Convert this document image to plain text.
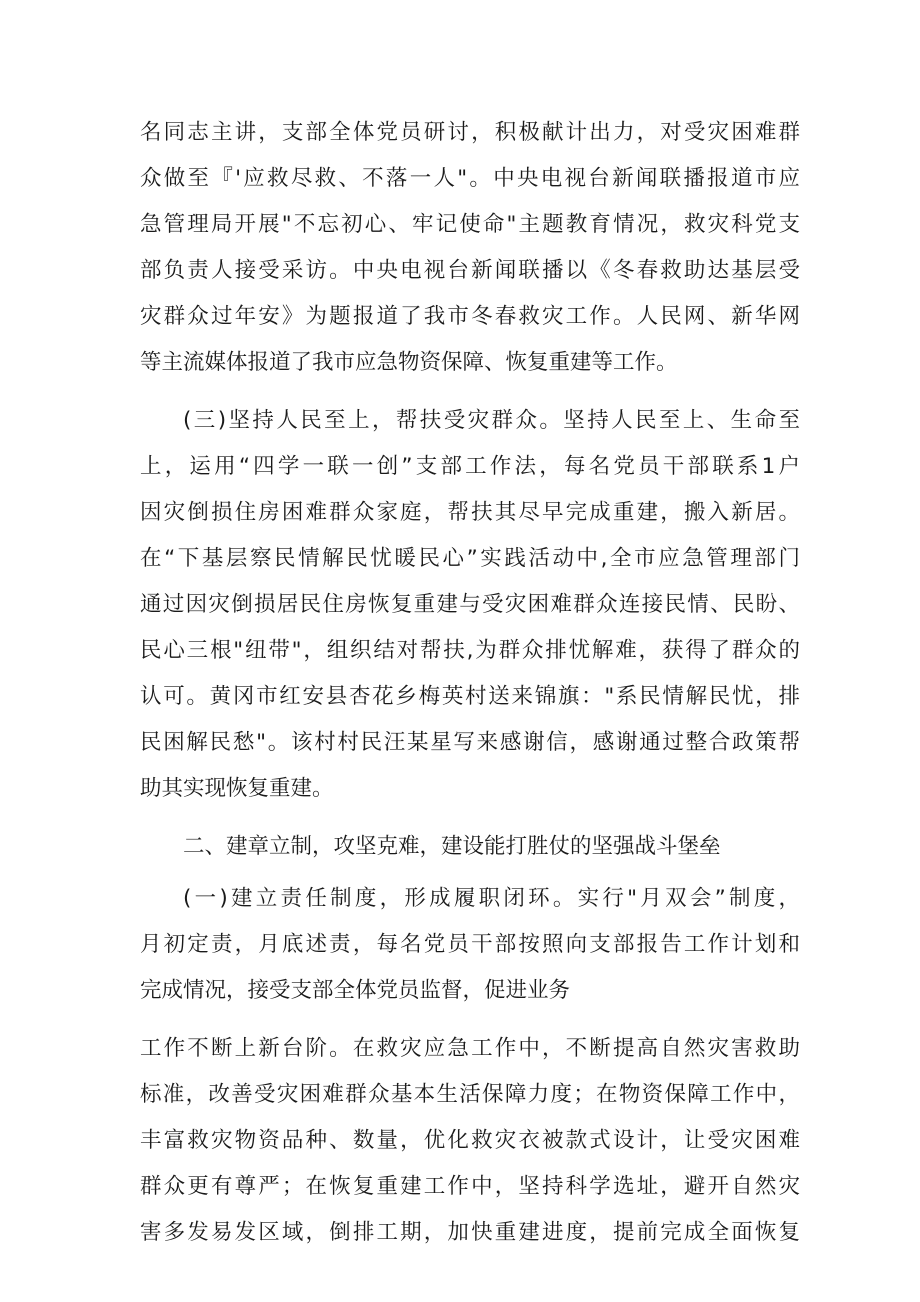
名同志主讲，支部全体党员研讨，积极献计出力，对受灾困难群
众做至『'应救尽救、不落一人"。中央电视台新闻联播报道市应
急管理局开展"不忘初心、牢记使命"主题教育情况，救灾科党支
部负责人接受采访。中央电视台新闻联播以《冬春救助达基层受
灾群众过年安》为题报道了我市冬春救灾工作。人民网、新华网
等主流媒体报道了我市应急物资保障、恢复重建等工作。
(三)坚持人民至上，帮扶受灾群众。坚持人民至上、生命至
上，运用“四学一联一创”支部工作法，每名党员干部联系1户
因灾倒损住房困难群众家庭，帮扶其尽早完成重建，搬入新居。
在“下基层察民情解民忧暖民心”实践活动中,全市应急管理部门
通过因灾倒损居民住房恢复重建与受灾困难群众连接民情、民盼、
民心三根"纽带"，组织结对帮扶,为群众排忧解难，获得了群众的
认可。黄冈市红安县杏花乡梅英村送来锦旗："系民情解民忧，排
民困解民愁"。该村村民汪某星写来感谢信，感谢通过整合政策帮
助其实现恢复重建。
二、建章立制，攻坚克难，建设能打胜仗的坚强战斗堡垒
(一)建立责任制度，形成履职闭环。实行"月双会”制度，
月初定责，月底述责，每名党员干部按照向支部报告工作计划和
完成情况，接受支部全体党员监督，促进业务
工作不断上新台阶。在救灾应急工作中，不断提高自然灾害救助
标准，改善受灾困难群众基本生活保障力度；在物资保障工作中，
丰富救灾物资品种、数量，优化救灾衣被款式设计，让受灾困难
群众更有尊严；在恢复重建工作中，坚持科学选址，避开自然灾
害多发易发区域，倒排工期，加快重建进度，提前完成全面恢复
